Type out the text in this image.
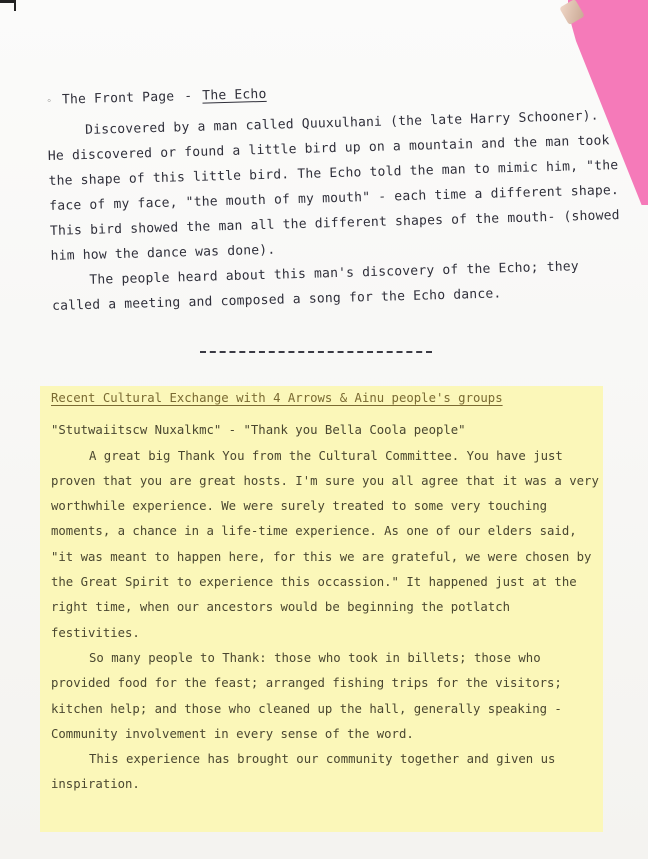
◦ The Front Page - The Echo

Discovered by a man called Quuxulhani (the late Harry Schooner). He discovered or found a little bird up on a mountain and the man took the shape of this little bird. The Echo told the man to mimic him, "the face of my face, "the mouth of my mouth" - each time a different shape. This bird showed the man all the different shapes of the mouth- (showed him how the dance was done).

The people heard about this man's discovery of the Echo; they called a meeting and composed a song for the Echo dance.

Recent Cultural Exchange with 4 Arrows & Ainu people's groups

"Stutwaiitscw Nuxalkmc" - "Thank you Bella Coola people"

A great big Thank You from the Cultural Committee. You have just proven that you are great hosts. I'm sure you all agree that it was a very worthwhile experience. We were surely treated to some very touching moments, a chance in a life-time experience. As one of our elders said, "it was meant to happen here, for this we are grateful, we were chosen by the Great Spirit to experience this occassion." It happened just at the right time, when our ancestors would be beginning the potlatch festivities.

So many people to Thank: those who took in billets; those who provided food for the feast; arranged fishing trips for the visitors; kitchen help; and those who cleaned up the hall, generally speaking - Community involvement in every sense of the word.

This experience has brought our community together and given us inspiration.
